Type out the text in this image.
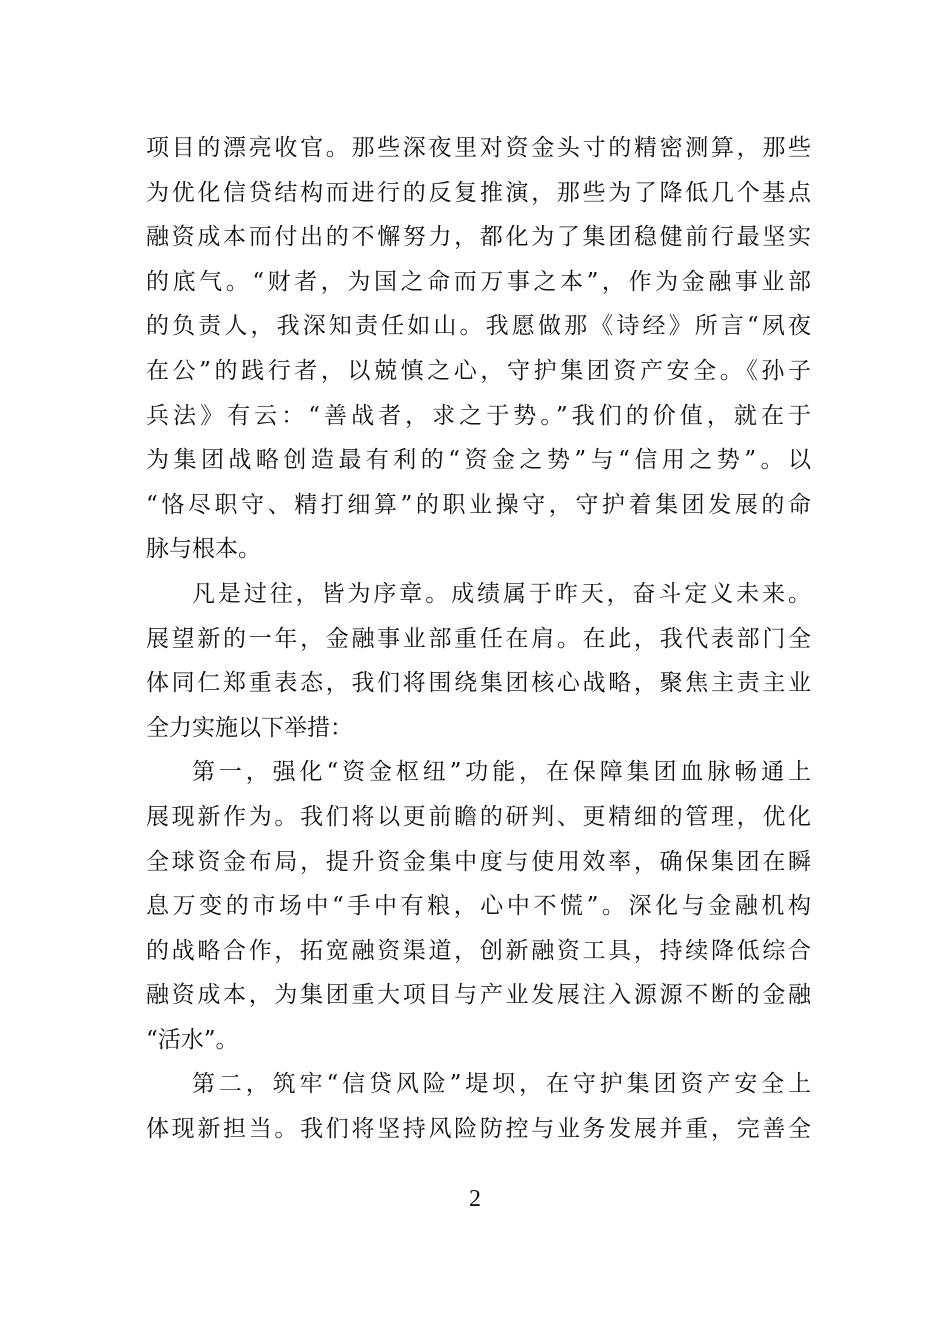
项目的漂亮收官。那些深夜里对资金头寸的精密测算，那些
为优化信贷结构而进行的反复推演，那些为了降低几个基点
融资成本而付出的不懈努力，都化为了集团稳健前行最坚实
的底气。“财者，为国之命而万事之本”，作为金融事业部
的负责人，我深知责任如山。我愿做那《诗经》所言“夙夜
在公”的践行者，以兢慎之心，守护集团资产安全。《孙子
兵法》有云：“善战者，求之于势。”我们的价值，就在于
为集团战略创造最有利的“资金之势”与“信用之势”。以
“恪尽职守、精打细算”的职业操守，守护着集团发展的命
脉与根本。
凡是过往，皆为序章。成绩属于昨天，奋斗定义未来。
展望新的一年，金融事业部重任在肩。在此，我代表部门全
体同仁郑重表态，我们将围绕集团核心战略，聚焦主责主业
全力实施以下举措：
第一，强化“资金枢纽”功能，在保障集团血脉畅通上
展现新作为。我们将以更前瞻的研判、更精细的管理，优化
全球资金布局，提升资金集中度与使用效率，确保集团在瞬
息万变的市场中“手中有粮，心中不慌”。深化与金融机构
的战略合作，拓宽融资渠道，创新融资工具，持续降低综合
融资成本，为集团重大项目与产业发展注入源源不断的金融
“活水”。
第二，筑牢“信贷风险”堤坝，在守护集团资产安全上
体现新担当。我们将坚持风险防控与业务发展并重，完善全
2
